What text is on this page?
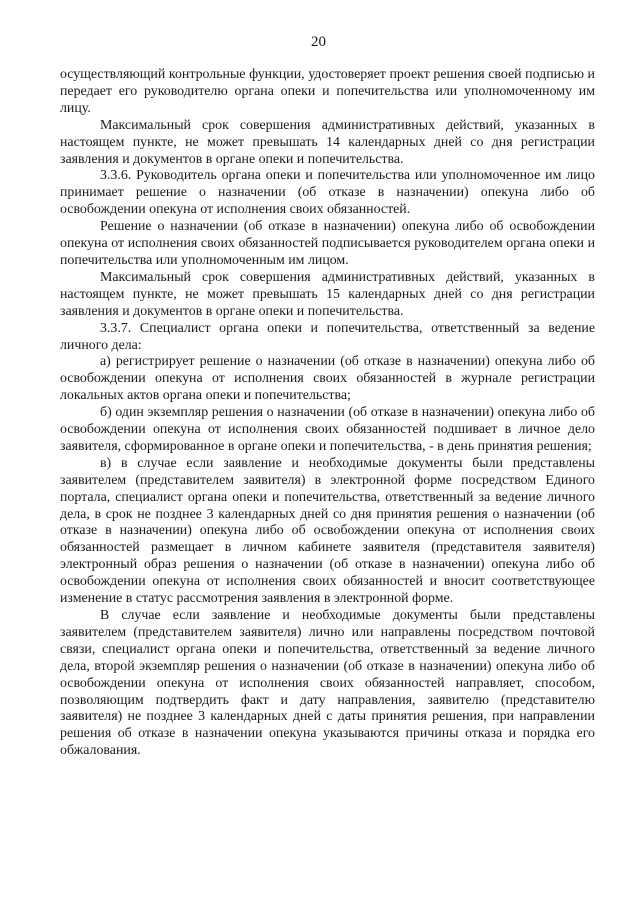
20

осуществляющий контрольные функции, удостоверяет проект решения своей подписью и передает его руководителю органа опеки и попечительства или уполномоченному им лицу.

Максимальный срок совершения административных действий, указанных в настоящем пункте, не может превышать 14 календарных дней со дня регистрации заявления и документов в органе опеки и попечительства.

3.3.6. Руководитель органа опеки и попечительства или уполномоченное им лицо принимает решение о назначении (об отказе в назначении) опекуна либо об освобождении опекуна от исполнения своих обязанностей.

Решение о назначении (об отказе в назначении) опекуна либо об освобождении опекуна от исполнения своих обязанностей подписывается руководителем органа опеки и попечительства или уполномоченным им лицом.

Максимальный срок совершения административных действий, указанных в настоящем пункте, не может превышать 15 календарных дней со дня регистрации заявления и документов в органе опеки и попечительства.

3.3.7. Специалист органа опеки и попечительства, ответственный за ведение личного дела:

а) регистрирует решение о назначении (об отказе в назначении) опекуна либо об освобождении опекуна от исполнения своих обязанностей в журнале регистрации локальных актов органа опеки и попечительства;

б) один экземпляр решения о назначении (об отказе в назначении) опекуна либо об освобождении опекуна от исполнения своих обязанностей подшивает в личное дело заявителя, сформированное в органе опеки и попечительства, - в день принятия решения;

в) в случае если заявление и необходимые документы были представлены заявителем (представителем заявителя) в электронной форме посредством Единого портала, специалист органа опеки и попечительства, ответственный за ведение личного дела, в срок не позднее 3 календарных дней со дня принятия решения о назначении (об отказе в назначении) опекуна либо об освобождении опекуна от исполнения своих обязанностей размещает в личном кабинете заявителя (представителя заявителя) электронный образ решения о назначении (об отказе в назначении) опекуна либо об освобождении опекуна от исполнения своих обязанностей и вносит соответствующее изменение в статус рассмотрения заявления в электронной форме.

В случае если заявление и необходимые документы были представлены заявителем (представителем заявителя) лично или направлены посредством почтовой связи, специалист органа опеки и попечительства, ответственный за ведение личного дела, второй экземпляр решения о назначении (об отказе в назначении) опекуна либо об освобождении опекуна от исполнения своих обязанностей направляет, способом, позволяющим подтвердить факт и дату направления, заявителю (представителю заявителя) не позднее 3 календарных дней с даты принятия решения, при направлении решения об отказе в назначении опекуна указываются причины отказа и порядка его обжалования.
